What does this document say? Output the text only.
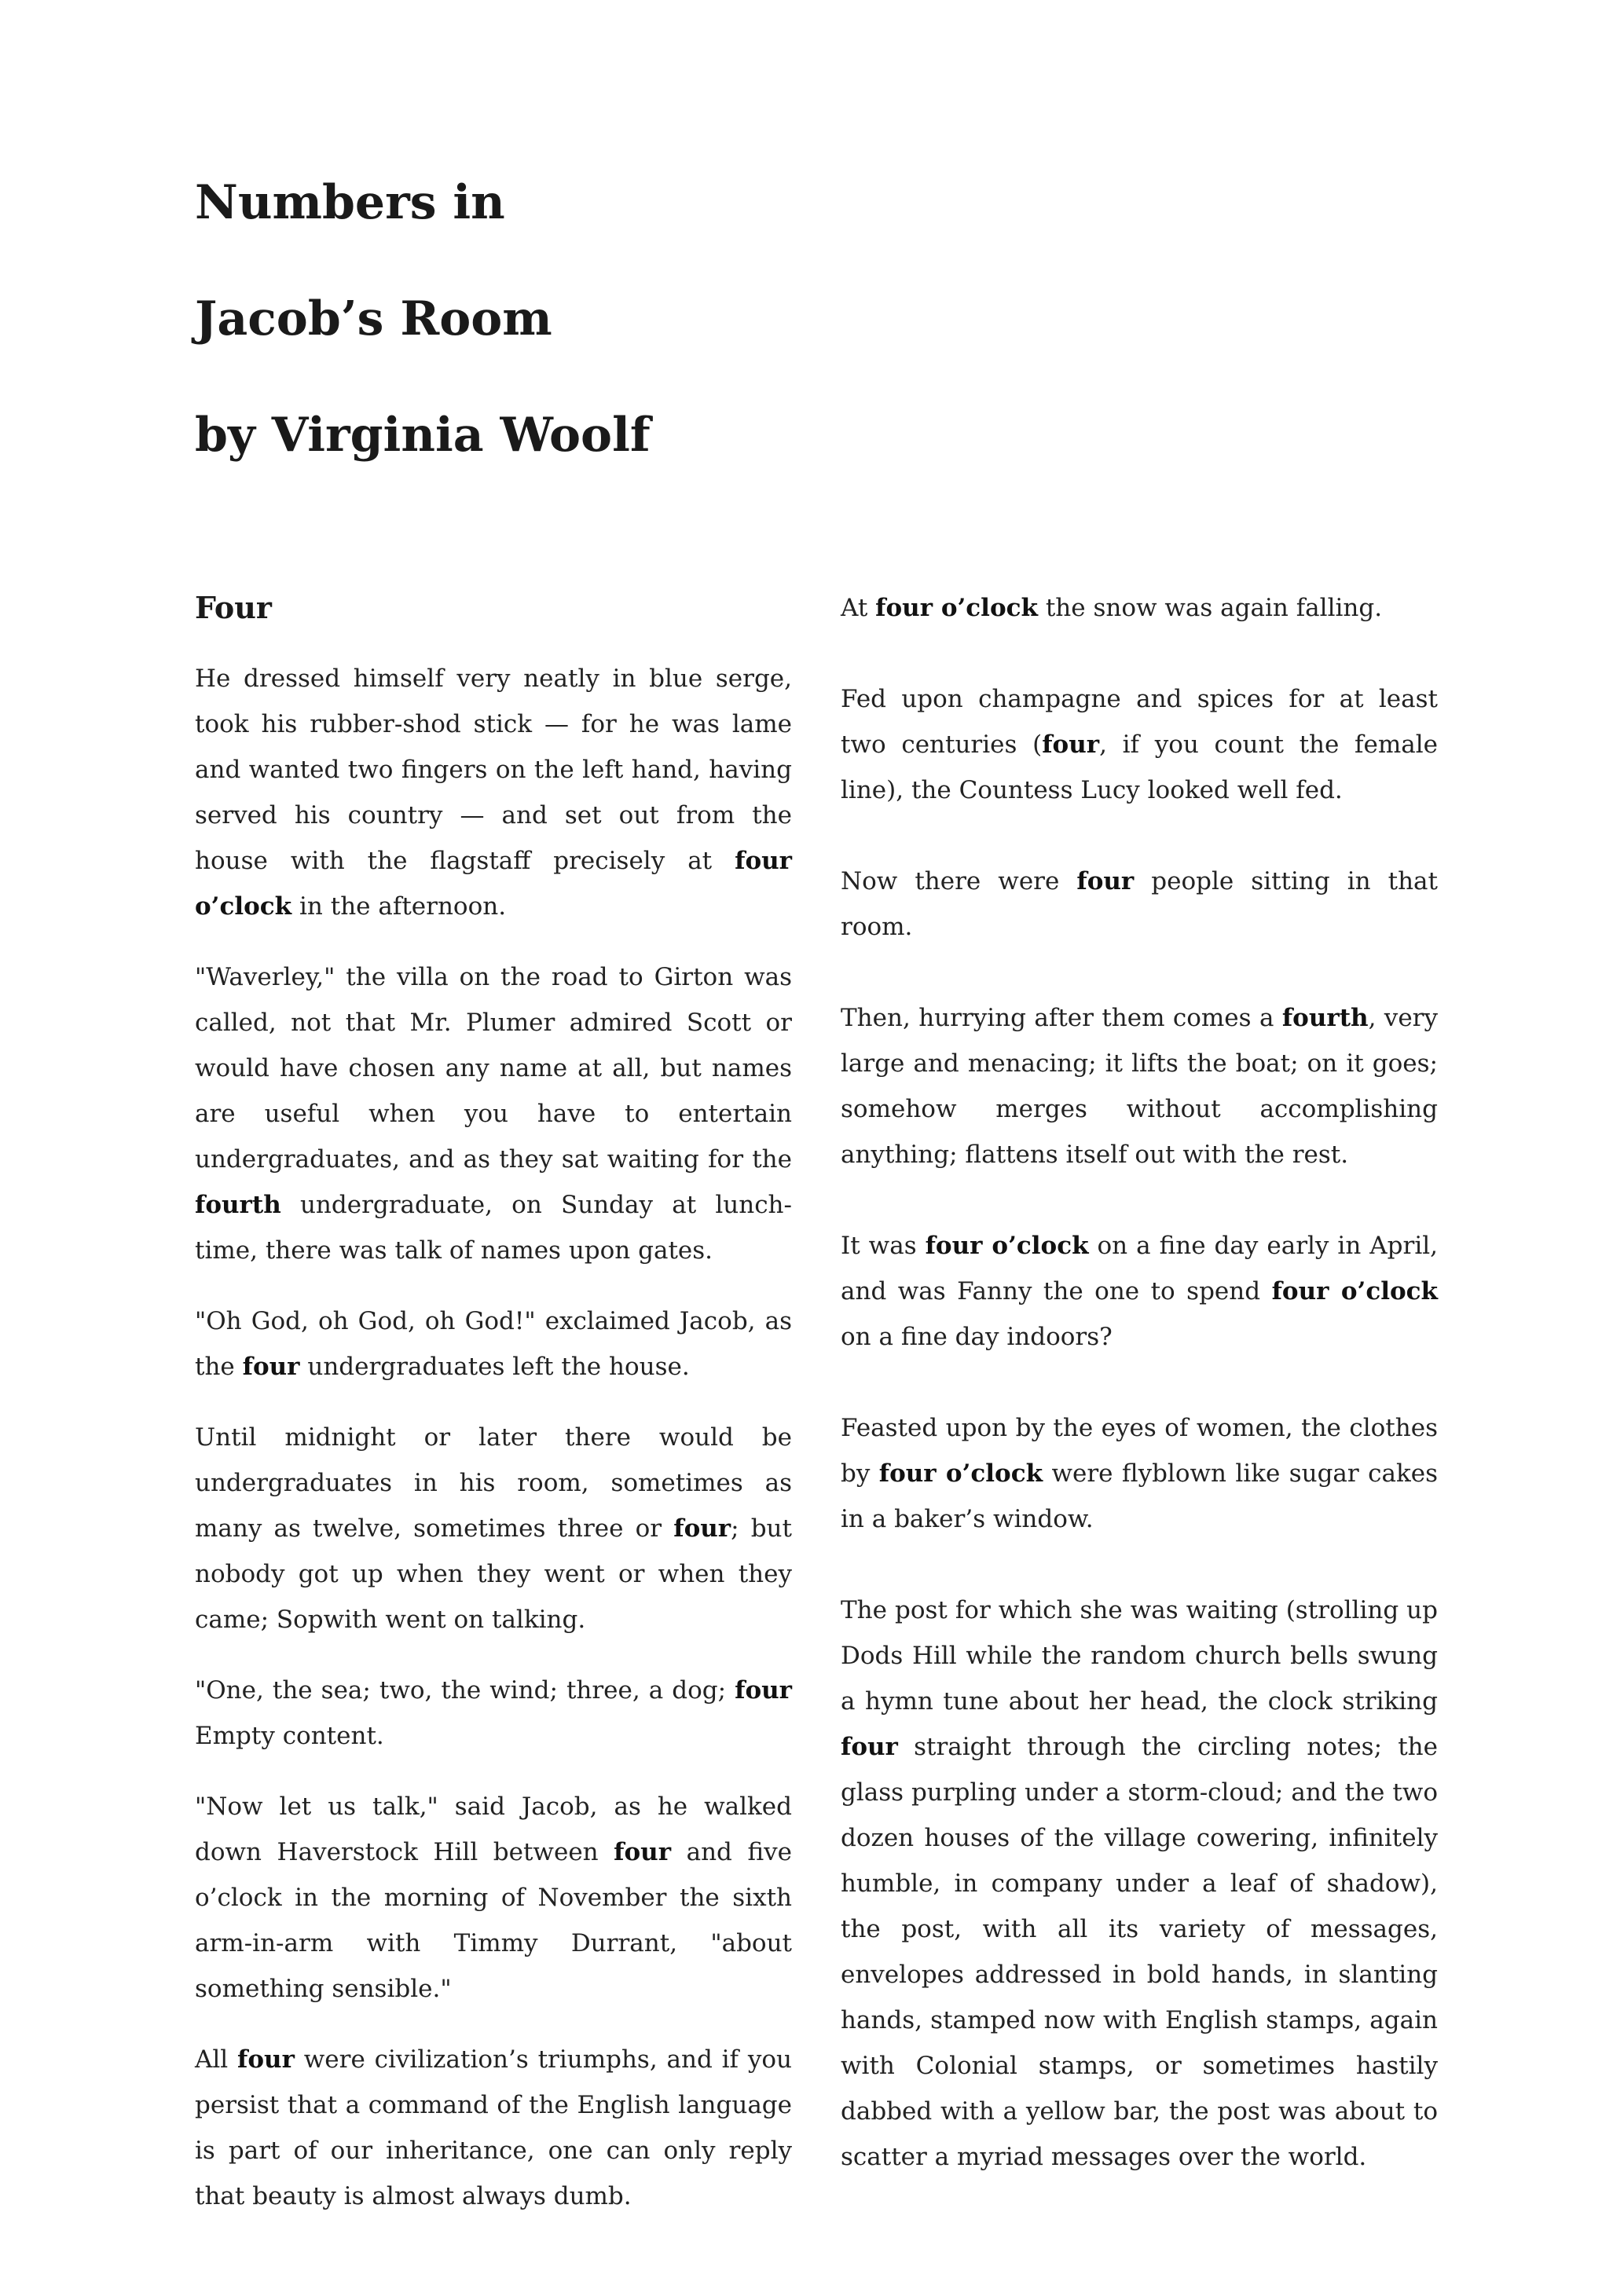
Numbers in
Jacob’s Room
by Virginia Woolf
Four

He dressed himself very neatly in blue serge, took his rubber-shod stick — for he was lame and wanted two fingers on the left hand, having served his country — and set out from the house with the flagstaff precisely at four o’clock in the afternoon.

"Waverley," the villa on the road to Girton was called, not that Mr. Plumer admired Scott or would have chosen any name at all, but names are useful when you have to entertain undergraduates, and as they sat waiting for the fourth undergraduate, on Sunday at lunch-time, there was talk of names upon gates.

"Oh God, oh God, oh God!" exclaimed Jacob, as the four undergraduates left the house.

Until midnight or later there would be undergraduates in his room, sometimes as many as twelve, sometimes three or four; but nobody got up when they went or when they came; Sopwith went on talking.

"One, the sea; two, the wind; three, a dog; four Empty content.

"Now let us talk," said Jacob, as he walked down Haverstock Hill between four and five o’clock in the morning of November the sixth arm-in-arm with Timmy Durrant, "about something sensible."

All four were civilization’s triumphs, and if you persist that a command of the English language is part of our inheritance, one can only reply that beauty is almost always dumb.

At four o’clock the snow was again falling.

Fed upon champagne and spices for at least two centuries (four, if you count the female line), the Countess Lucy looked well fed.

Now there were four people sitting in that room.

Then, hurrying after them comes a fourth, very large and menacing; it lifts the boat; on it goes; somehow merges without accomplishing anything; flattens itself out with the rest.

It was four o’clock on a fine day early in April, and was Fanny the one to spend four o’clock on a fine day indoors?

Feasted upon by the eyes of women, the clothes by four o’clock were flyblown like sugar cakes in a baker’s window.

The post for which she was waiting (strolling up Dods Hill while the random church bells swung a hymn tune about her head, the clock striking four straight through the circling notes; the glass purpling under a storm-cloud; and the two dozen houses of the village cowering, infinitely humble, in company under a leaf of shadow), the post, with all its variety of messages, envelopes addressed in bold hands, in slanting hands, stamped now with English stamps, again with Colonial stamps, or sometimes hastily dabbed with a yellow bar, the post was about to scatter a myriad messages over the world.
